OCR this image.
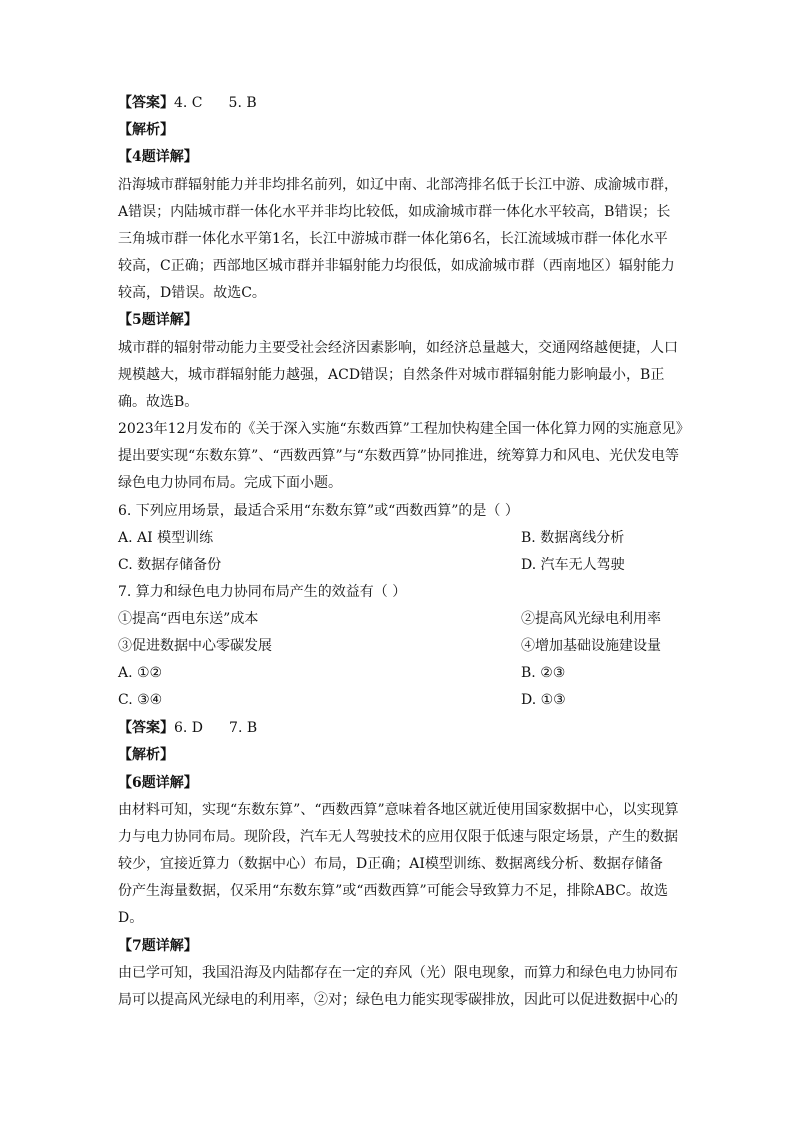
【答案】4. C 5. B
【解析】
【4题详解】
沿海城市群辐射能力并非均排名前列，如辽中南、北部湾排名低于长江中游、成渝城市群，
A错误；内陆城市群一体化水平并非均比较低，如成渝城市群一体化水平较高，B错误；长
三角城市群一体化水平第1名，长江中游城市群一体化第6名，长江流域城市群一体化水平
较高，C正确；西部地区城市群并非辐射能力均很低，如成渝城市群（西南地区）辐射能力
较高，D错误。故选C。
【5题详解】
城市群的辐射带动能力主要受社会经济因素影响，如经济总量越大，交通网络越便捷，人口
规模越大，城市群辐射能力越强，ACD错误；自然条件对城市群辐射能力影响最小，B正
确。故选B。
2023年12月发布的《关于深入实施“东数西算”工程加快构建全国一体化算力网的实施意见》
提出要实现“东数东算”、“西数西算”与“东数西算”协同推进，统筹算力和风电、光伏发电等
绿色电力协同布局。完成下面小题。
6. 下列应用场景，最适合采用“东数东算”或“西数西算”的是（ ）
A. AI 模型训练	B. 数据离线分析
C. 数据存储备份	D. 汽车无人驾驶
7. 算力和绿色电力协同布局产生的效益有（ ）
①提高“西电东送”成本	②提高风光绿电利用率
③促进数据中心零碳发展	④增加基础设施建设量
A. ①②	B. ②③
C. ③④	D. ①③
【答案】6. D 7. B
【解析】
【6题详解】
由材料可知，实现“东数东算”、“西数西算”意味着各地区就近使用国家数据中心，以实现算
力与电力协同布局。现阶段，汽车无人驾驶技术的应用仅限于低速与限定场景，产生的数据
较少，宜接近算力（数据中心）布局，D正确；AI模型训练、数据离线分析、数据存储备
份产生海量数据，仅采用“东数东算”或“西数西算”可能会导致算力不足，排除ABC。故选
D。
【7题详解】
由已学可知，我国沿海及内陆都存在一定的弃风（光）限电现象，而算力和绿色电力协同布
局可以提高风光绿电的利用率，②对；绿色电力能实现零碳排放，因此可以促进数据中心的
